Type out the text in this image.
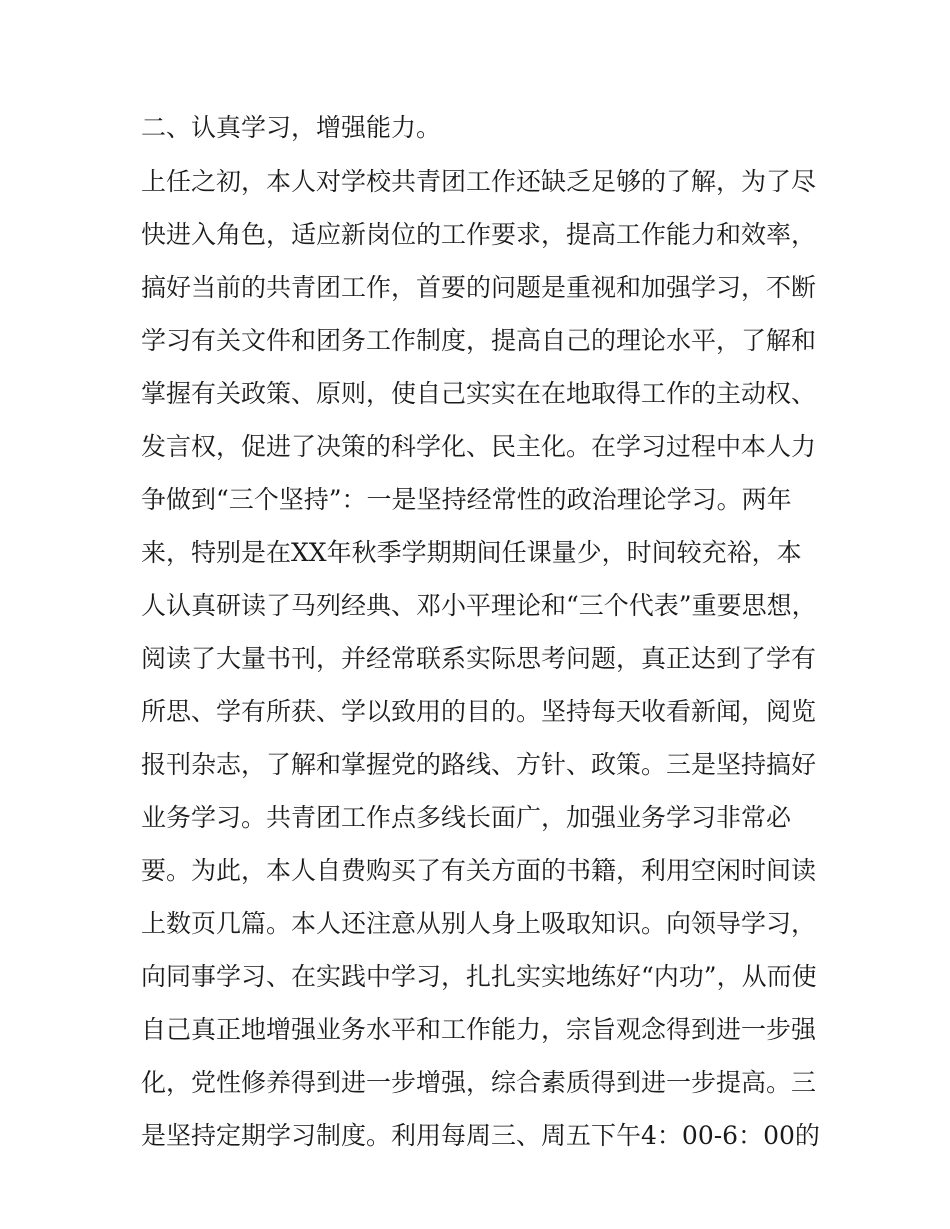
二、认真学习，增强能力。
上任之初，本人对学校共青团工作还缺乏足够的了解，为了尽
快进入角色，适应新岗位的工作要求，提高工作能力和效率，
搞好当前的共青团工作，首要的问题是重视和加强学习，不断
学习有关文件和团务工作制度，提高自己的理论水平，了解和
掌握有关政策、原则，使自己实实在在地取得工作的主动权、
发言权，促进了决策的科学化、民主化。在学习过程中本人力
争做到“三个坚持”：一是坚持经常性的政治理论学习。两年
来，特别是在XX年秋季学期期间任课量少，时间较充裕，本
人认真研读了马列经典、邓小平理论和“三个代表”重要思想，
阅读了大量书刊，并经常联系实际思考问题，真正达到了学有
所思、学有所获、学以致用的目的。坚持每天收看新闻，阅览
报刊杂志，了解和掌握党的路线、方针、政策。三是坚持搞好
业务学习。共青团工作点多线长面广，加强业务学习非常必
要。为此，本人自费购买了有关方面的书籍，利用空闲时间读
上数页几篇。本人还注意从别人身上吸取知识。向领导学习，
向同事学习、在实践中学习，扎扎实实地练好“内功”，从而使
自己真正地增强业务水平和工作能力，宗旨观念得到进一步强
化，党性修养得到进一步增强，综合素质得到进一步提高。三
是坚持定期学习制度。利用每周三、周五下午4：00-6：00的
